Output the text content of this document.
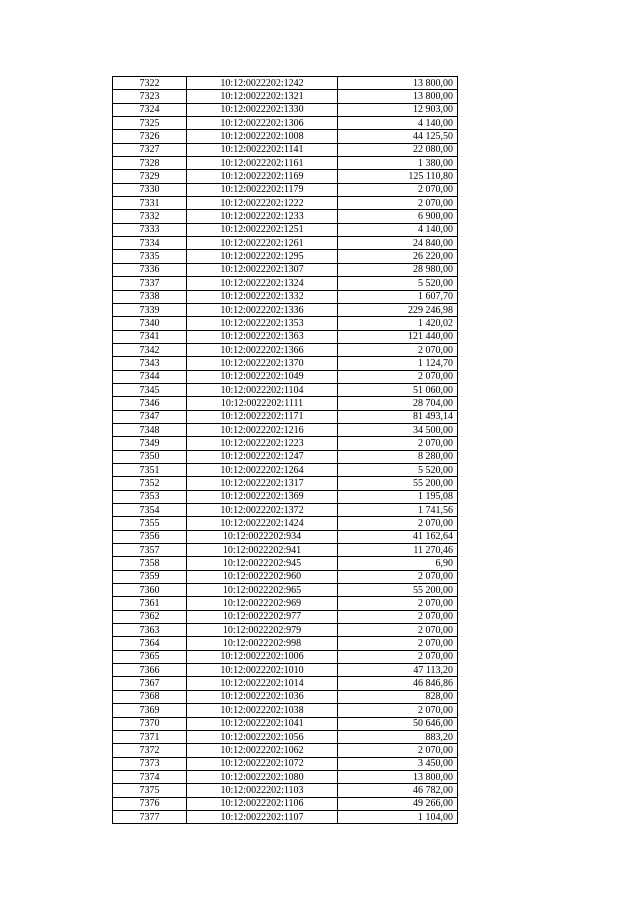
7322	10:12:0022202:1242	13 800,00
7323	10:12:0022202:1321	13 800,00
7324	10:12:0022202:1330	12 903,00
7325	10:12:0022202:1306	4 140,00
7326	10:12:0022202:1008	44 125,50
7327	10:12:0022202:1141	22 080,00
7328	10:12:0022202:1161	1 380,00
7329	10:12:0022202:1169	125 110,80
7330	10:12:0022202:1179	2 070,00
7331	10:12:0022202:1222	2 070,00
7332	10:12:0022202:1233	6 900,00
7333	10:12:0022202:1251	4 140,00
7334	10:12:0022202:1261	24 840,00
7335	10:12:0022202:1295	26 220,00
7336	10:12:0022202:1307	28 980,00
7337	10:12:0022202:1324	5 520,00
7338	10:12:0022202:1332	1 607,70
7339	10:12:0022202:1336	229 246,98
7340	10:12:0022202:1353	1 420,02
7341	10:12:0022202:1363	121 440,00
7342	10:12:0022202:1366	2 070,00
7343	10:12:0022202:1370	1 124,70
7344	10:12:0022202:1049	2 070,00
7345	10:12:0022202:1104	51 060,00
7346	10:12:0022202:1111	28 704,00
7347	10:12:0022202:1171	81 493,14
7348	10:12:0022202:1216	34 500,00
7349	10:12:0022202:1223	2 070,00
7350	10:12:0022202:1247	8 280,00
7351	10:12:0022202:1264	5 520,00
7352	10:12:0022202:1317	55 200,00
7353	10:12:0022202:1369	1 195,08
7354	10:12:0022202:1372	1 741,56
7355	10:12:0022202:1424	2 070,00
7356	10:12:0022202:934	41 162,64
7357	10:12:0022202:941	11 270,46
7358	10:12:0022202:945	6,90
7359	10:12:0022202:960	2 070,00
7360	10:12:0022202:965	55 200,00
7361	10:12:0022202:969	2 070,00
7362	10:12:0022202:977	2 070,00
7363	10:12:0022202:979	2 070,00
7364	10:12:0022202:998	2 070,00
7365	10:12:0022202:1006	2 070,00
7366	10:12:0022202:1010	47 113,20
7367	10:12:0022202:1014	46 846,86
7368	10:12:0022202:1036	828,00
7369	10:12:0022202:1038	2 070,00
7370	10:12:0022202:1041	50 646,00
7371	10:12:0022202:1056	883,20
7372	10:12:0022202:1062	2 070,00
7373	10:12:0022202:1072	3 450,00
7374	10:12:0022202:1080	13 800,00
7375	10:12:0022202:1103	46 782,00
7376	10:12:0022202:1106	49 266,00
7377	10:12:0022202:1107	1 104,00
